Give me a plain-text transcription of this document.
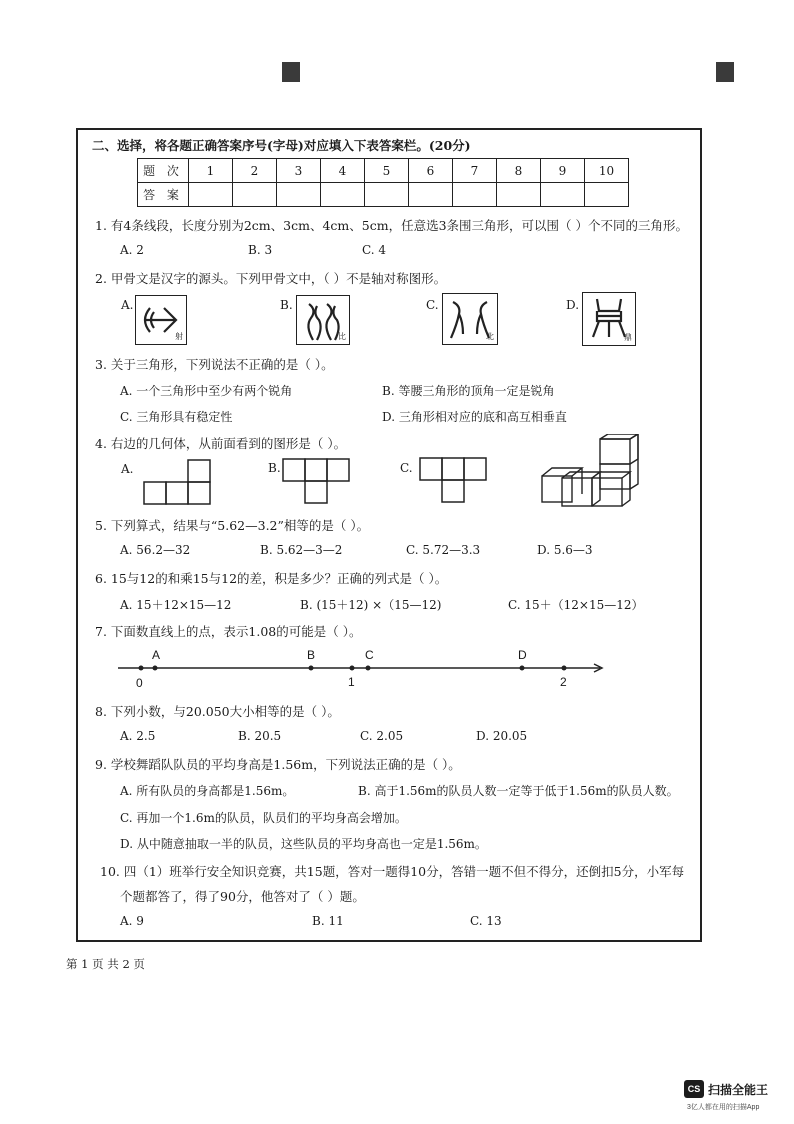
二、选择，将各题正确答案序号(字母)对应填入下表答案栏。(20分)
题 次	1	2	3	4	5	6	7	8	9	10
答 案										
1. 有4条线段，长度分别为2cm、3cm、4cm、5cm，任意选3条围三角形，可以围（ ）个不同的三角形。
A. 2	B. 3	C. 4
2. 甲骨文是汉字的源头。下列甲骨文中，（ ）不是轴对称图形。
A.
射
B.
比
C.
北
D.
鼎
3. 关于三角形，下列说法不正确的是（ ）。
A. 一个三角形中至少有两个锐角	B. 等腰三角形的顶角一定是锐角
C. 三角形具有稳定性	D. 三角形相对应的底和高互相垂直
4. 右边的几何体，从前面看到的图形是（ ）。
A.	B.	C.
5. 下列算式，结果与“5.62—3.2”相等的是（ ）。
A. 56.2—32	B. 5.62—3—2	C. 5.72—3.3	D. 5.6—3
6. 15与12的和乘15与12的差，积是多少？正确的列式是（ ）。
A. 15＋12×15—12	B. (15＋12) ×（15—12)	C. 15＋（12×15—12）
7. 下面数直线上的点，表示1.08的可能是（ ）。
A	B	C	D
0	1	2
8. 下列小数，与20.050大小相等的是（ ）。
A. 2.5	B. 20.5	C. 2.05	D. 20.05
9. 学校舞蹈队队员的平均身高是1.56m，下列说法正确的是（ ）。
A. 所有队员的身高都是1.56m。	B. 高于1.56m的队员人数一定等于低于1.56m的队员人数。
C. 再加一个1.6m的队员，队员们的平均身高会增加。
D. 从中随意抽取一半的队员，这些队员的平均身高也一定是1.56m。
10. 四（1）班举行安全知识竞赛，共15题，答对一题得10分，答错一题不但不得分，还倒扣5分，小军每
个题都答了，得了90分，他答对了（ ）题。
A. 9	B. 11	C. 13
第 1 页 共 2 页
CS 扫描全能王
3亿人都在用的扫描App
